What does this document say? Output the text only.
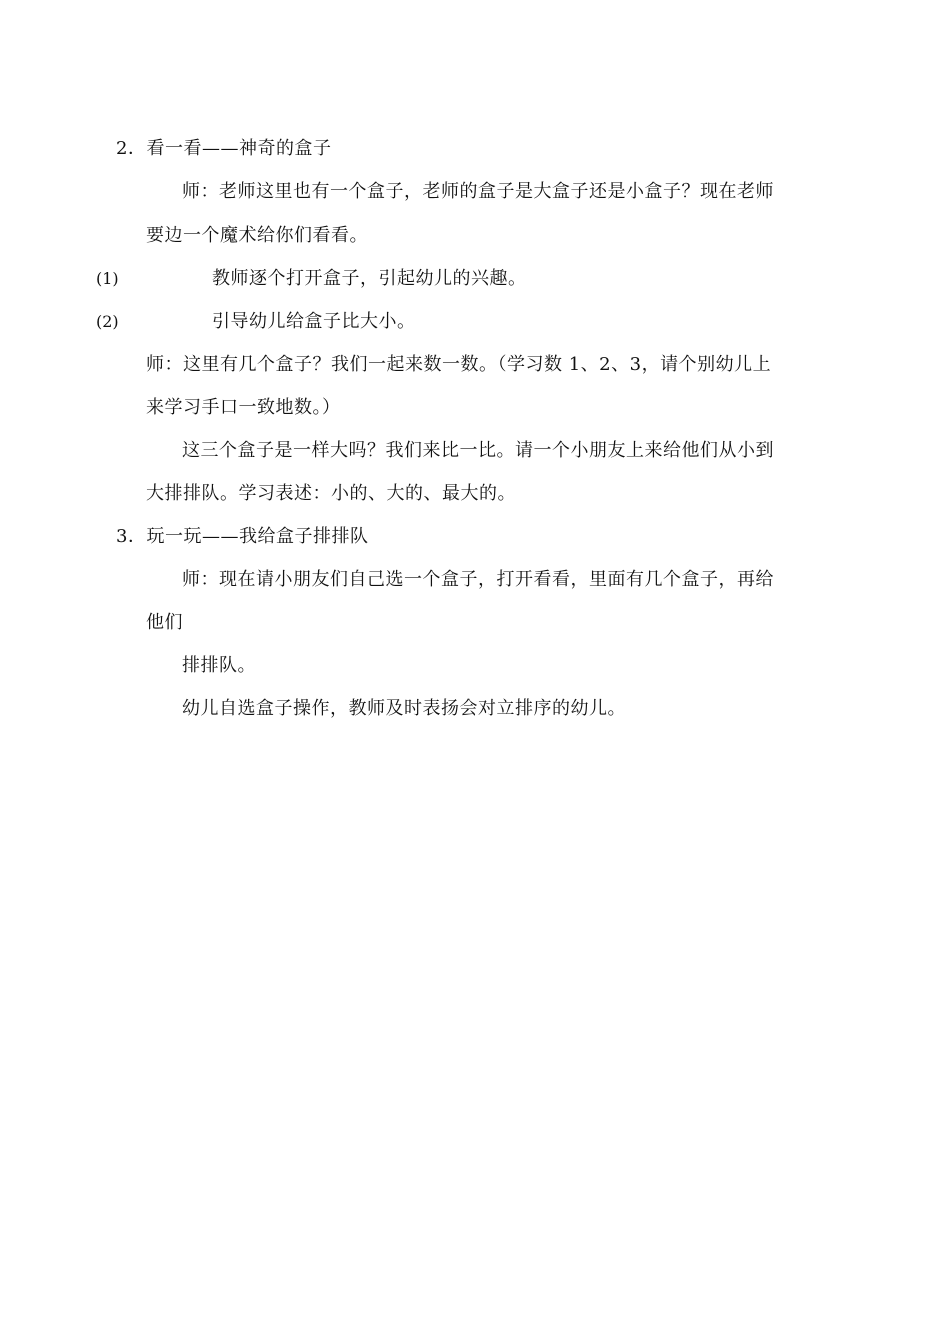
2．看一看——神奇的盒子
师：老师这里也有一个盒子，老师的盒子是大盒子还是小盒子？现在老师
要边一个魔术给你们看看。
(1)	教师逐个打开盒子，引起幼儿的兴趣。
(2)	引导幼儿给盒子比大小。
师：这里有几个盒子？我们一起来数一数。（学习数 1、2、3，请个别幼儿上
来学习手口一致地数。）
这三个盒子是一样大吗？我们来比一比。请一个小朋友上来给他们从小到
大排排队。学习表述：小的、大的、最大的。
3．玩一玩——我给盒子排排队
师：现在请小朋友们自己选一个盒子，打开看看，里面有几个盒子，再给
他们
排排队。
幼儿自选盒子操作，教师及时表扬会对立排序的幼儿。
